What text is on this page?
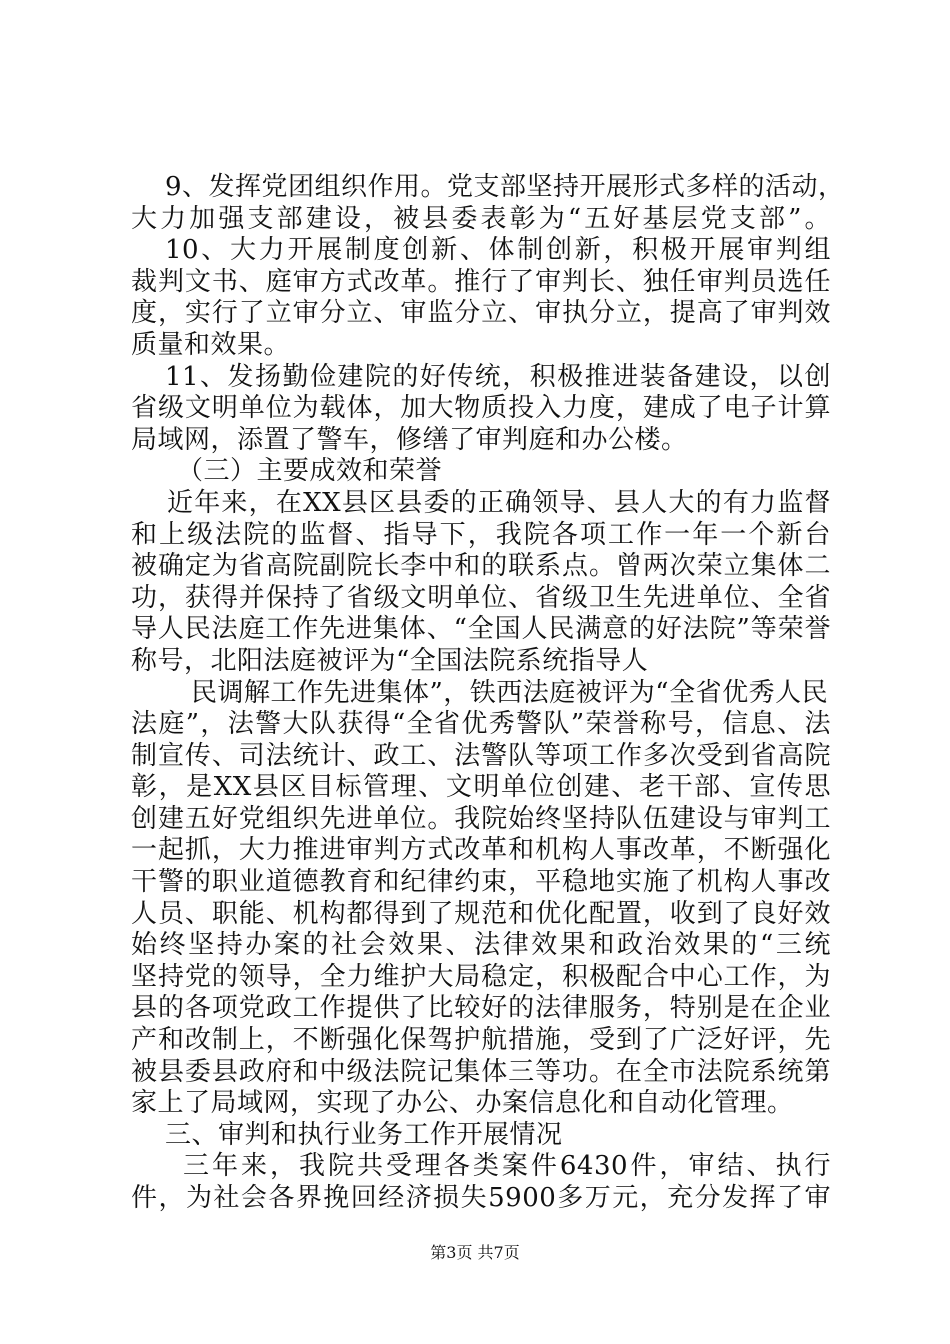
9、发挥党团组织作用。党支部坚持开展形式多样的活动，
大力加强支部建设，被县委表彰为“五好基层党支部”。
10、大力开展制度创新、体制创新，积极开展审判组
裁判文书、庭审方式改革。推行了审判长、独任审判员选任
度，实行了立审分立、审监分立、审执分立，提高了审判效
质量和效果。
11、发扬勤俭建院的好传统，积极推进装备建设，以创
省级文明单位为载体，加大物质投入力度，建成了电子计算
局域网，添置了警车，修缮了审判庭和办公楼。
（三）主要成效和荣誉
近年来，在XX县区县委的正确领导、县人大的有力监督
和上级法院的监督、指导下，我院各项工作一年一个新台
被确定为省高院副院长李中和的联系点。曾两次荣立集体二
功，获得并保持了省级文明单位、省级卫生先进单位、全省
导人民法庭工作先进集体、“全国人民满意的好法院”等荣誉
称号，北阳法庭被评为“全国法院系统指导人
民调解工作先进集体”，铁西法庭被评为“全省优秀人民
法庭”，法警大队获得“全省优秀警队”荣誉称号，信息、法
制宣传、司法统计、政工、法警队等项工作多次受到省高院
彰，是XX县区目标管理、文明单位创建、老干部、宣传思
创建五好党组织先进单位。我院始终坚持队伍建设与审判工
一起抓，大力推进审判方式改革和机构人事改革，不断强化
干警的职业道德教育和纪律约束，平稳地实施了机构人事改
人员、职能、机构都得到了规范和优化配置，收到了良好效
始终坚持办案的社会效果、法律效果和政治效果的“三统
坚持党的领导，全力维护大局稳定，积极配合中心工作，为
县的各项党政工作提供了比较好的法律服务，特别是在企业
产和改制上，不断强化保驾护航措施，受到了广泛好评，先
被县委县政府和中级法院记集体三等功。在全市法院系统第
家上了局域网，实现了办公、办案信息化和自动化管理。
三、审判和执行业务工作开展情况
三年来，我院共受理各类案件6430件，审结、执行
件，为社会各界挽回经济损失5900多万元，充分发挥了审
第3页 共7页
